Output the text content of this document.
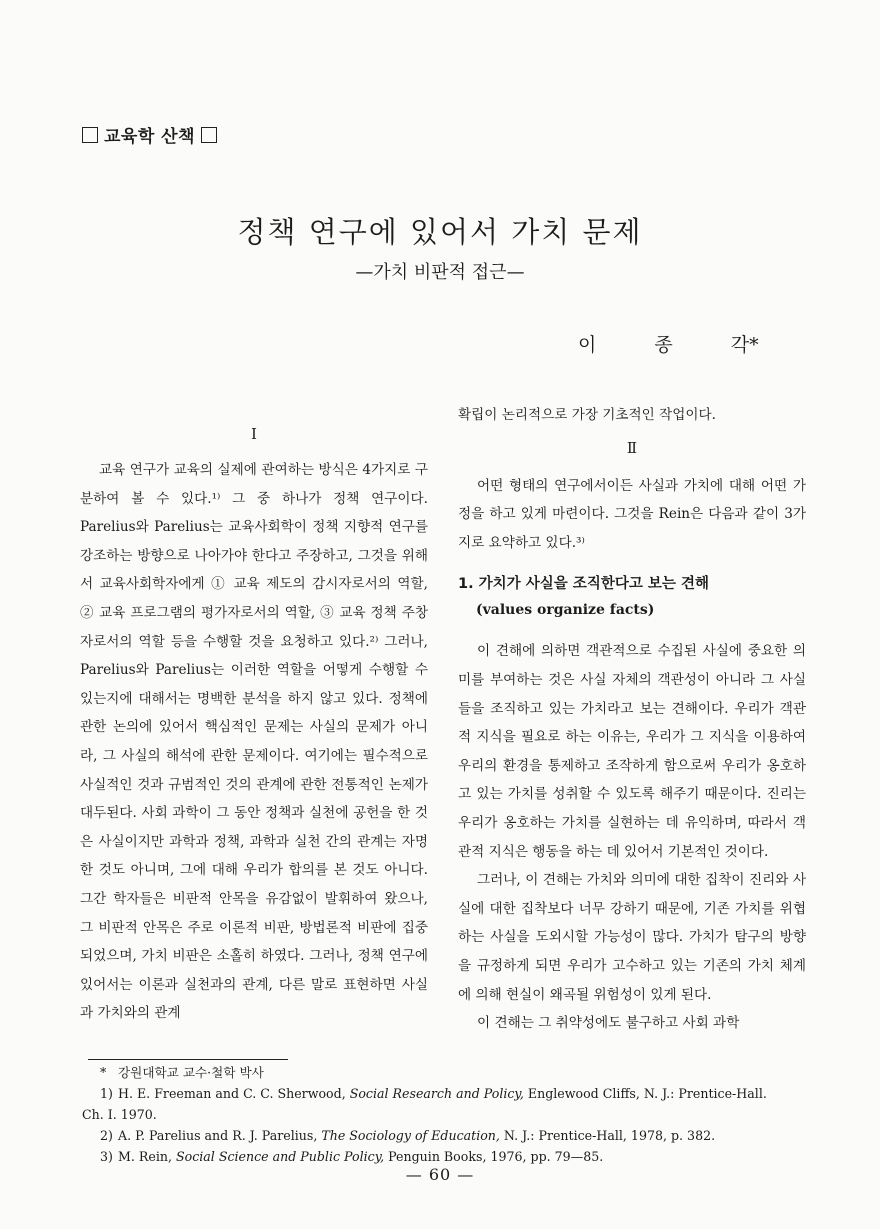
교육학 산책
정책 연구에 있어서 가치 문제
—가치 비판적 접근—
이	종	각*
I

교육 연구가 교육의 실제에 관여하는 방식은 4가지로 구분하여 볼 수 있다.¹⁾ 그 중 하나가 정책 연구이다. Parelius와 Parelius는 교육사회학이 정책 지향적 연구를 강조하는 방향으로 나아가야 한다고 주장하고, 그것을 위해서 교육사회학자에게 ① 교육 제도의 감시자로서의 역할, ② 교육 프로그램의 평가자로서의 역할, ③ 교육 정책 주창자로서의 역할 등을 수행할 것을 요청하고 있다.²⁾ 그러나, Parelius와 Parelius는 이러한 역할을 어떻게 수행할 수 있는지에 대해서는 명백한 분석을 하지 않고 있다. 정책에 관한 논의에 있어서 핵심적인 문제는 사실의 문제가 아니라, 그 사실의 해석에 관한 문제이다. 여기에는 필수적으로 사실적인 것과 규범적인 것의 관계에 관한 전통적인 논제가 대두된다. 사회 과학이 그 동안 정책과 실천에 공헌을 한 것은 사실이지만 과학과 정책, 과학과 실천 간의 관계는 자명한 것도 아니며, 그에 대해 우리가 합의를 본 것도 아니다. 그간 학자들은 비판적 안목을 유감없이 발휘하여 왔으나, 그 비판적 안목은 주로 이론적 비판, 방법론적 비판에 집중되었으며, 가치 비판은 소홀히 하였다. 그러나, 정책 연구에 있어서는 이론과 실천과의 관계, 다른 말로 표현하면 사실과 가치와의 관계

확립이 논리적으로 가장 기초적인 작업이다.

Ⅱ

어떤 형태의 연구에서이든 사실과 가치에 대해 어떤 가정을 하고 있게 마련이다. 그것을 Rein은 다음과 같이 3가지로 요약하고 있다.³⁾

1. 가치가 사실을 조직한다고 보는 견해
(values organize facts)

이 견해에 의하면 객관적으로 수집된 사실에 중요한 의미를 부여하는 것은 사실 자체의 객관성이 아니라 그 사실들을 조직하고 있는 가치라고 보는 견해이다. 우리가 객관적 지식을 필요로 하는 이유는, 우리가 그 지식을 이용하여 우리의 환경을 통제하고 조작하게 함으로써 우리가 옹호하고 있는 가치를 성취할 수 있도록 해주기 때문이다. 진리는 우리가 옹호하는 가치를 실현하는 데 유익하며, 따라서 객관적 지식은 행동을 하는 데 있어서 기본적인 것이다.

그러나, 이 견해는 가치와 의미에 대한 집착이 진리와 사실에 대한 집착보다 너무 강하기 때문에, 기존 가치를 위협하는 사실을 도외시할 가능성이 많다. 가치가 탐구의 방향을 규정하게 되면 우리가 고수하고 있는 기존의 가치 체계에 의해 현실이 왜곡될 위험성이 있게 된다.

이 견해는 그 취약성에도 불구하고 사회 과학

* 강원대학교 교수·철학 박사

1) H. E. Freeman and C. C. Sherwood, Social Research and Policy, Englewood Cliffs, N. J.: Prentice-Hall.

Ch. I. 1970.

2) A. P. Parelius and R. J. Parelius, The Sociology of Education, N. J.: Prentice-Hall, 1978, p. 382.

3) M. Rein, Social Science and Public Policy, Penguin Books, 1976, pp. 79—85.

— 60 —
